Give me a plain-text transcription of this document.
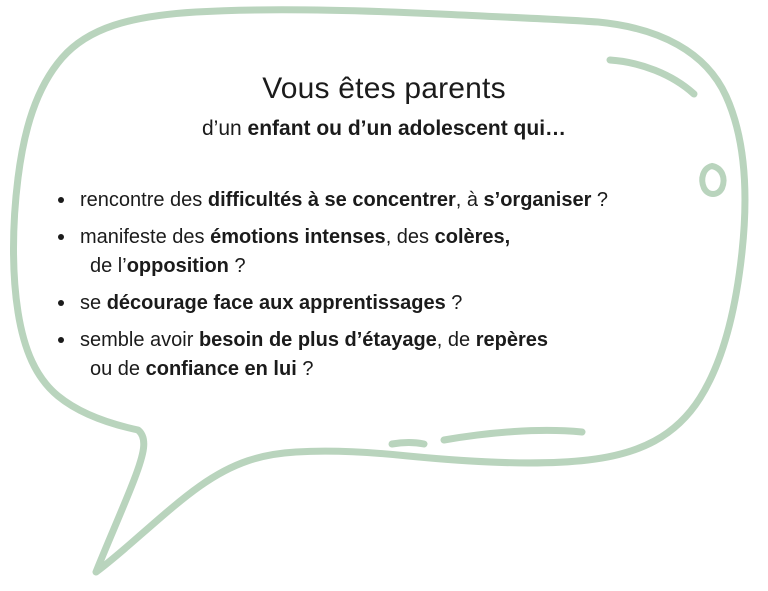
Vous êtes parents
d’un enfant ou d’un adolescent qui…
rencontre des difficultés à se concentrer, à s’organiser ?
manifeste des émotions intenses, des colères,
de l’opposition ?
se décourage face aux apprentissages ?
semble avoir besoin de plus d’étayage, de repères
ou de confiance en lui ?
